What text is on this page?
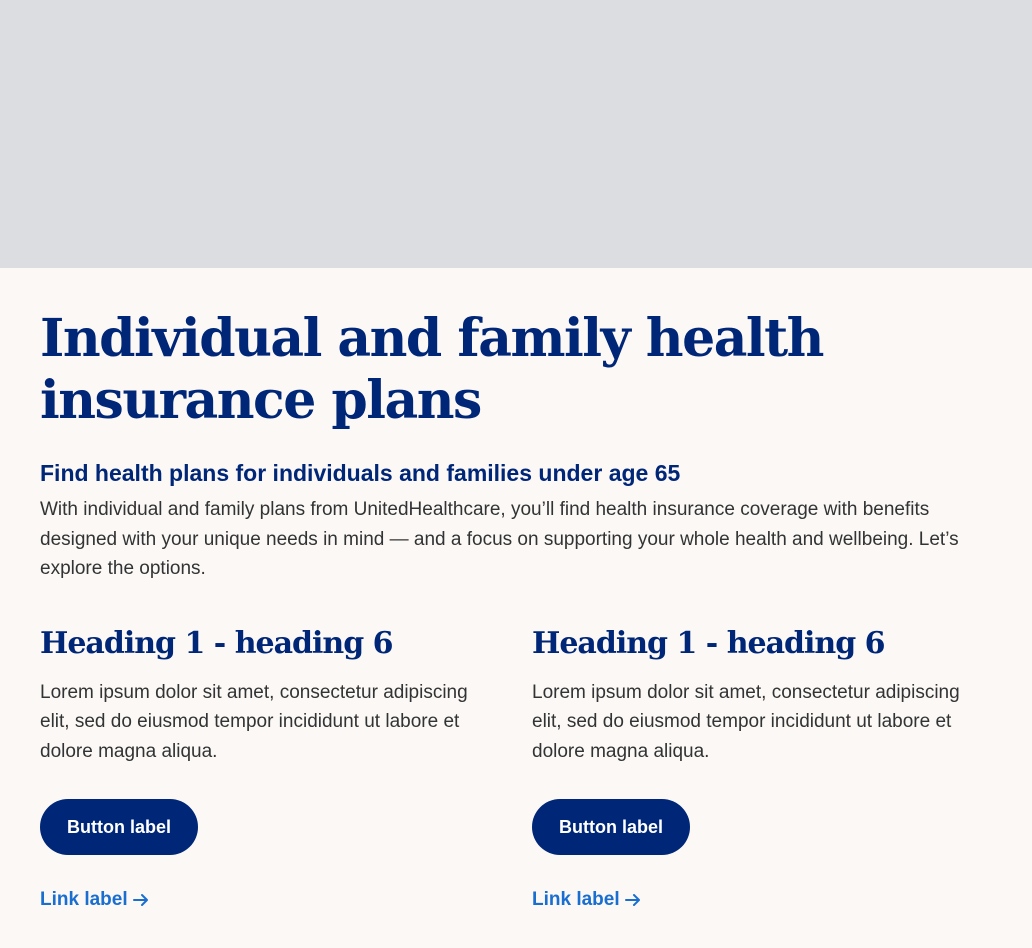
Individual and family health insurance plans
Find health plans for individuals and families under age 65

With individual and family plans from UnitedHealthcare, you’ll find health insurance coverage with benefits designed with your unique needs in mind — and a focus on supporting your whole health and wellbeing. Let’s explore the options.

Heading 1 - heading 6

Lorem ipsum dolor sit amet, consectetur adipiscing elit, sed do eiusmod tempor incididunt ut labore et dolore magna aliqua.

Button label
Link label
Heading 1 - heading 6

Lorem ipsum dolor sit amet, consectetur adipiscing elit, sed do eiusmod tempor incididunt ut labore et dolore magna aliqua.

Button label
Link label
